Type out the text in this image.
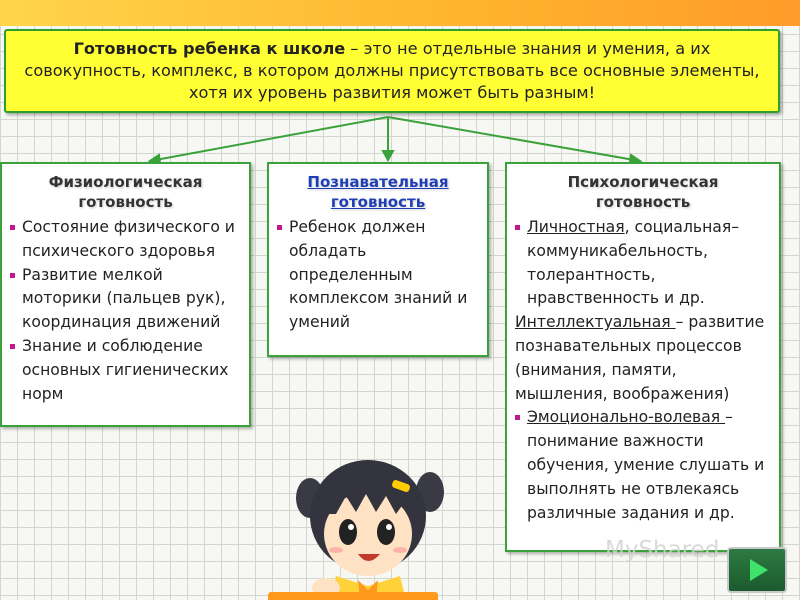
Готовность ребенка к школе – это не отдельные знания и умения, а их совокупность, комплекс, в котором должны присутствовать все основные элементы, хотя их уровень развития может быть разным!
Физиологическая
готовность
Состояние физического и психического здоровья
Развитие мелкой моторики (пальцев рук), координация движений
Знание и соблюдение основных гигиенических норм
Познавательная
готовность
Ребенок должен обладать определенным комплексом знаний и умений
Психологическая
готовность
Личностная, социальная–коммуникабельность, толерантность, нравственность и др.
Интеллектуальная – развитие познавательных процессов (внимания, памяти, мышления, воображения)
Эмоционально-волевая – понимание важности обучения, умение слушать и выполнять не отвлекаясь различные задания и др.
MyShared
